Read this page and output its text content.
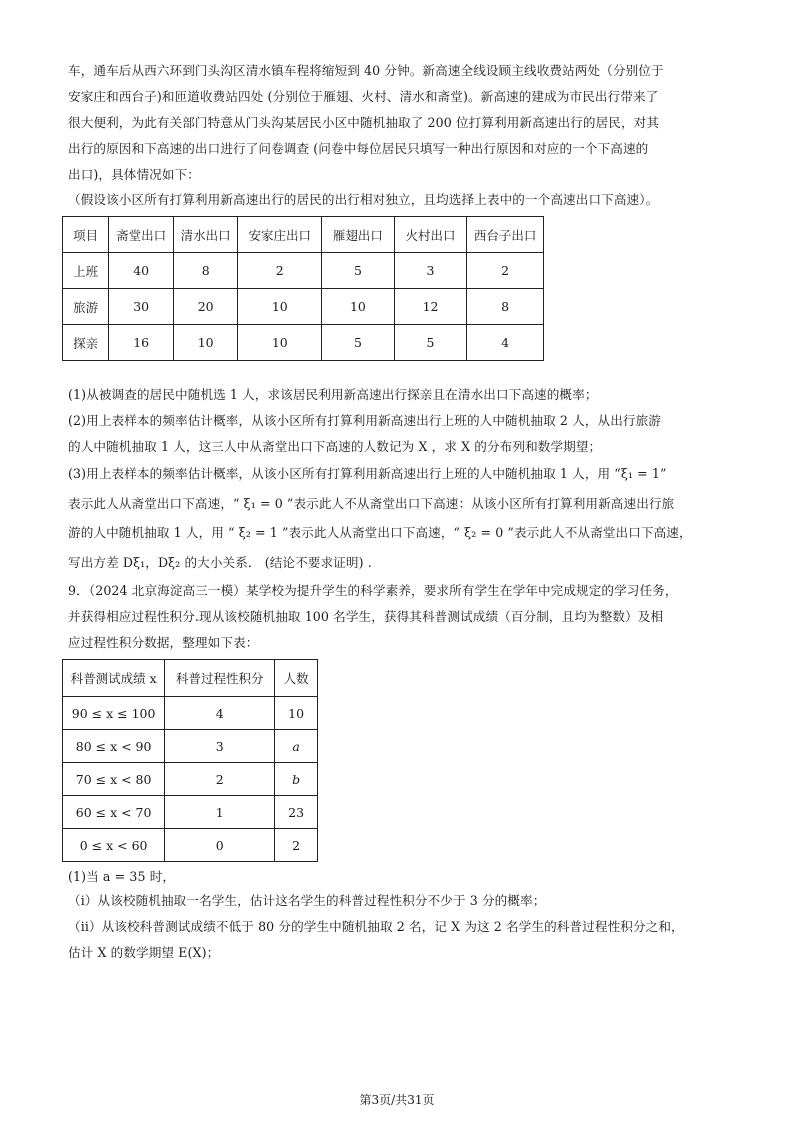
车，通车后从西六环到门头沟区清水镇车程将缩短到 40 分钟。新高速全线设顾主线收费站两处（分别位于
安家庄和西台子)和匝道收费站四处 (分别位于雁翅、火村、清水和斋堂)。新高速的建成为市民出行带来了
很大便利，为此有关部门特意从门头沟某居民小区中随机抽取了 200 位打算利用新高速出行的居民，对其
出行的原因和下高速的出口进行了问卷调查 (问卷中每位居民只填写一种出行原因和对应的一个下高速的
出口)，具体情况如下：
（假设该小区所有打算利用新高速出行的居民的出行相对独立，且均选择上表中的一个高速出口下高速）。
项目	斋堂出口	清水出口	安家庄出口	雁翅出口	火村出口	西台子出口
上班	40	8	2	5	3	2
旅游	30	20	10	10	12	8
探亲	16	10	10	5	5	4
(1)从被调查的居民中随机选 1 人，求该居民利用新高速出行探亲且在清水出口下高速的概率；
(2)用上表样本的频率估计概率，从该小区所有打算利用新高速出行上班的人中随机抽取 2 人，从出行旅游
的人中随机抽取 1 人，这三人中从斋堂出口下高速的人数记为 X ，求 X 的分布列和数学期望；
(3)用上表样本的频率估计概率，从该小区所有打算利用新高速出行上班的人中随机抽取 1 人，用 “ξ₁ = 1”
表示此人从斋堂出口下高速，“ ξ₁ = 0 ”表示此人不从斋堂出口下高速：从该小区所有打算利用新高速出行旅
游的人中随机抽取 1 人，用 “ ξ₂ = 1 ”表示此人从斋堂出口下高速，“ ξ₂ = 0 ”表示此人不从斋堂出口下高速，
写出方差 Dξ₁，Dξ₂ 的大小关系． (结论不要求证明) .
9．（2024 北京海淀高三一模）某学校为提升学生的科学素养，要求所有学生在学年中完成规定的学习任务，
并获得相应过程性积分.现从该校随机抽取 100 名学生，获得其科普测试成绩（百分制，且均为整数）及相
应过程性积分数据，整理如下表：
科普测试成绩 x	科普过程性积分	人数
90 ≤ x ≤ 100	4	10
80 ≤ x < 90	3	a
70 ≤ x < 80	2	b
60 ≤ x < 70	1	23
0 ≤ x < 60	0	2
(1)当 a = 35 时，
（i）从该校随机抽取一名学生，估计这名学生的科普过程性积分不少于 3 分的概率；
（ii）从该校科普测试成绩不低于 80 分的学生中随机抽取 2 名，记 X 为这 2 名学生的科普过程性积分之和，
估计 X 的数学期望 E(X)；
第3页/共31页
